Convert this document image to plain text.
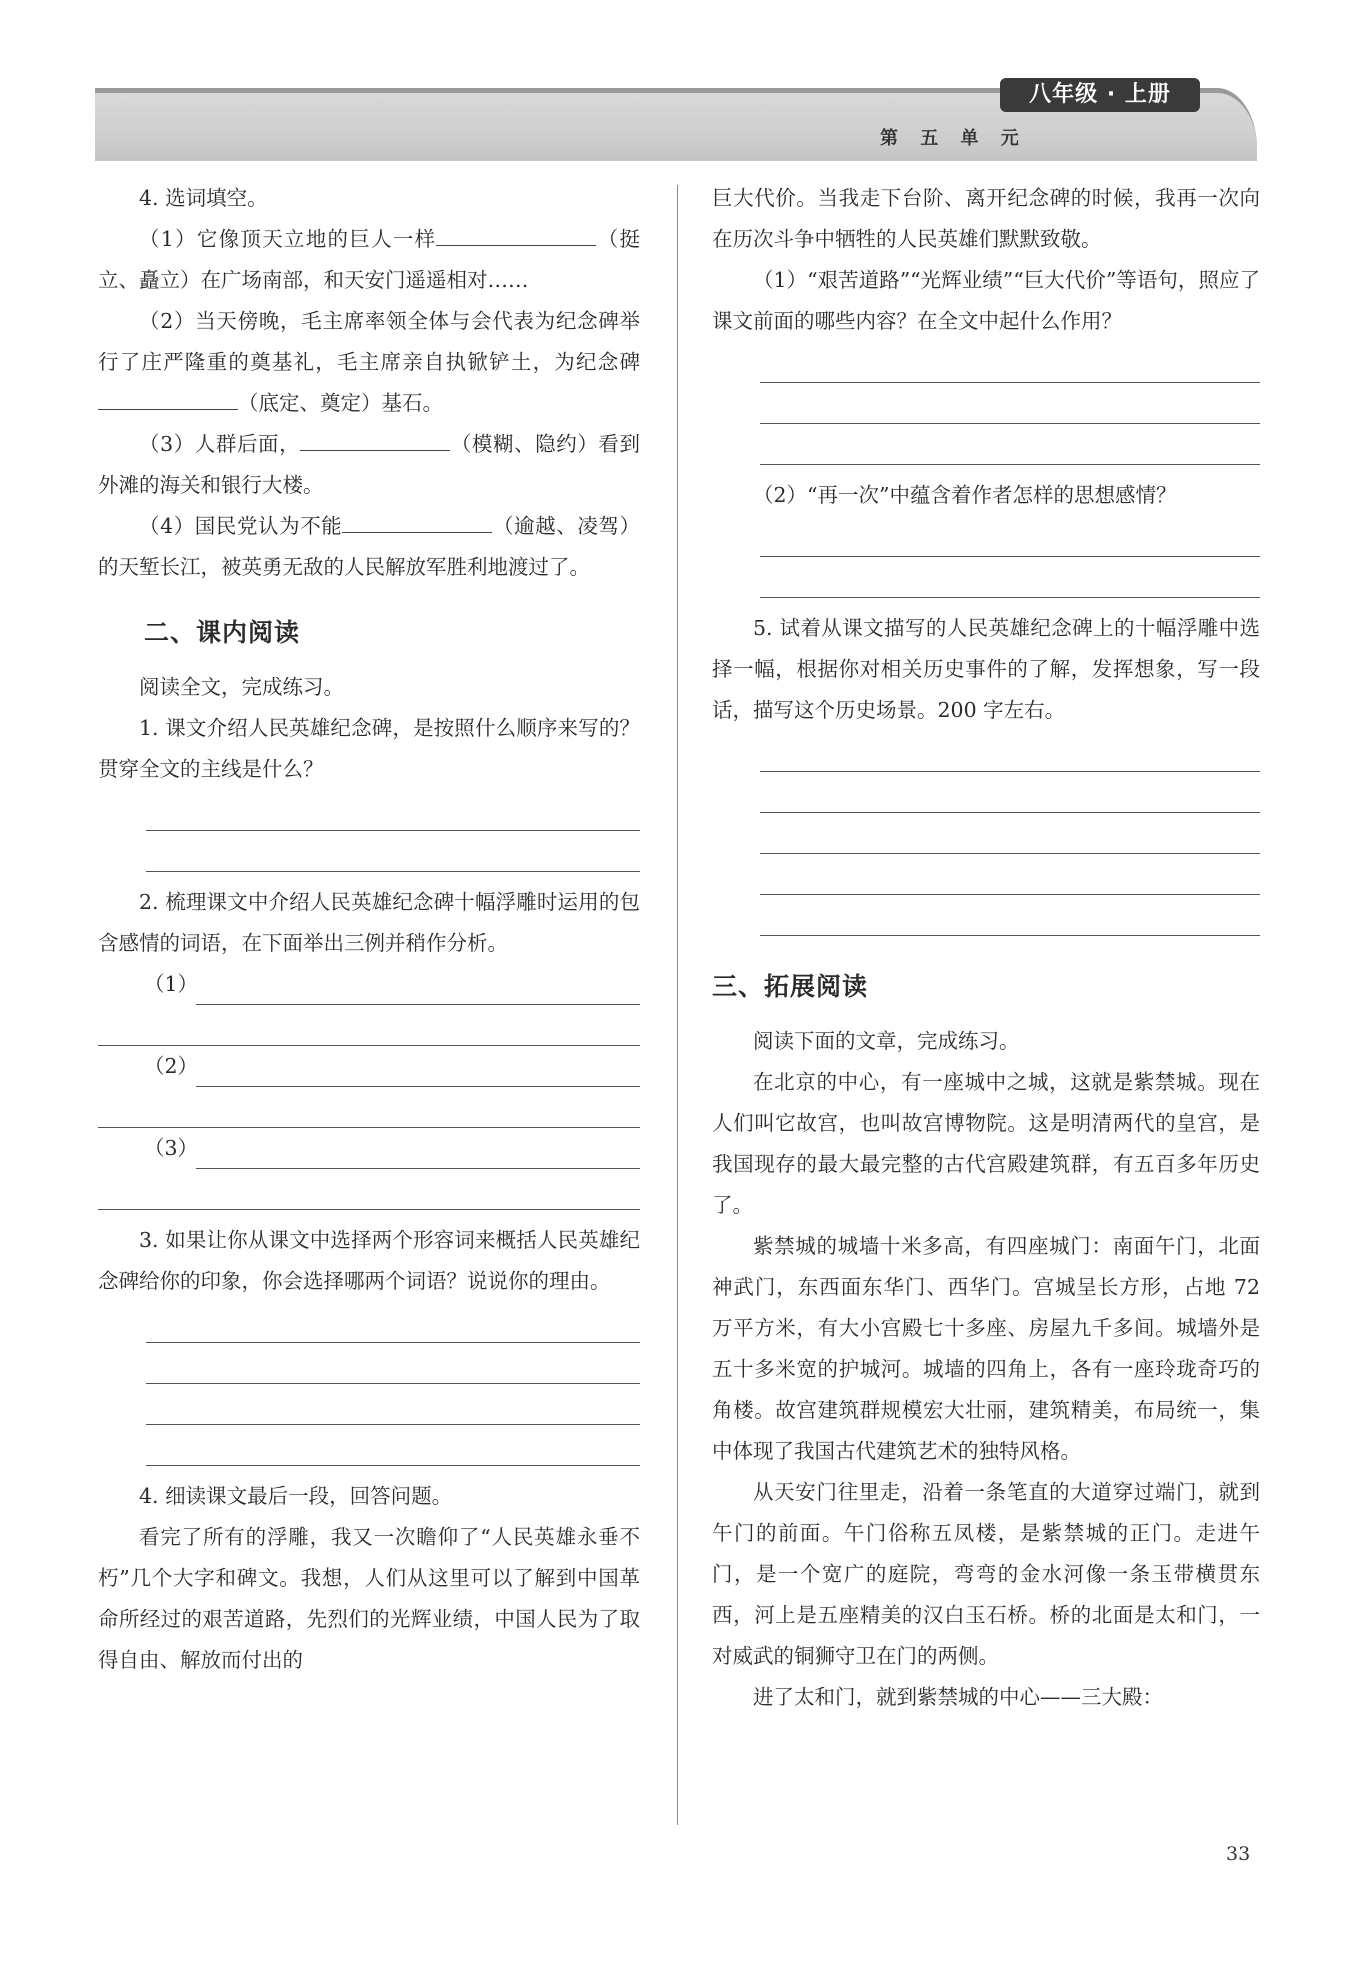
八年级 · 上册
第 五 单 元

4. 选词填空。

（1）它像顶天立地的巨人一样	（挺立、矗立）在广场南部，和天安门遥遥相对……

（2）当天傍晚，毛主席率领全体与会代表为纪念碑举行了庄严隆重的奠基礼，毛主席亲自执锨铲土，为纪念碑（底定、奠定）基石。

（3）人群后面，	（模糊、隐约）看到外滩的海关和银行大楼。

（4）国民党认为不能	（逾越、凌驾）的天堑长江，被英勇无敌的人民解放军胜利地渡过了。

二、课内阅读

阅读全文，完成练习。

1. 课文介绍人民英雄纪念碑，是按照什么顺序来写的？贯穿全文的主线是什么？

2. 梳理课文中介绍人民英雄纪念碑十幅浮雕时运用的包含感情的词语，在下面举出三例并稍作分析。

（1）
（2）
（3）

3. 如果让你从课文中选择两个形容词来概括人民英雄纪念碑给你的印象，你会选择哪两个词语？说说你的理由。

4. 细读课文最后一段，回答问题。

看完了所有的浮雕，我又一次瞻仰了“人民英雄永垂不朽”几个大字和碑文。我想，人们从这里可以了解到中国革命所经过的艰苦道路，先烈们的光辉业绩，中国人民为了取得自由、解放而付出的

巨大代价。当我走下台阶、离开纪念碑的时候，我再一次向在历次斗争中牺牲的人民英雄们默默致敬。

（1）“艰苦道路”“光辉业绩”“巨大代价”等语句，照应了课文前面的哪些内容？在全文中起什么作用？

（2）“再一次”中蕴含着作者怎样的思想感情？

5. 试着从课文描写的人民英雄纪念碑上的十幅浮雕中选择一幅，根据你对相关历史事件的了解，发挥想象，写一段话，描写这个历史场景。200 字左右。

三、拓展阅读

阅读下面的文章，完成练习。

在北京的中心，有一座城中之城，这就是紫禁城。现在人们叫它故宫，也叫故宫博物院。这是明清两代的皇宫，是我国现存的最大最完整的古代宫殿建筑群，有五百多年历史了。

紫禁城的城墙十米多高，有四座城门：南面午门，北面神武门，东西面东华门、西华门。宫城呈长方形，占地 72 万平方米，有大小宫殿七十多座、房屋九千多间。城墙外是五十多米宽的护城河。城墙的四角上，各有一座玲珑奇巧的角楼。故宫建筑群规模宏大壮丽，建筑精美，布局统一，集中体现了我国古代建筑艺术的独特风格。

从天安门往里走，沿着一条笔直的大道穿过端门，就到午门的前面。午门俗称五凤楼，是紫禁城的正门。走进午门，是一个宽广的庭院，弯弯的金水河像一条玉带横贯东西，河上是五座精美的汉白玉石桥。桥的北面是太和门，一对威武的铜狮守卫在门的两侧。

进了太和门，就到紫禁城的中心——三大殿：

33
